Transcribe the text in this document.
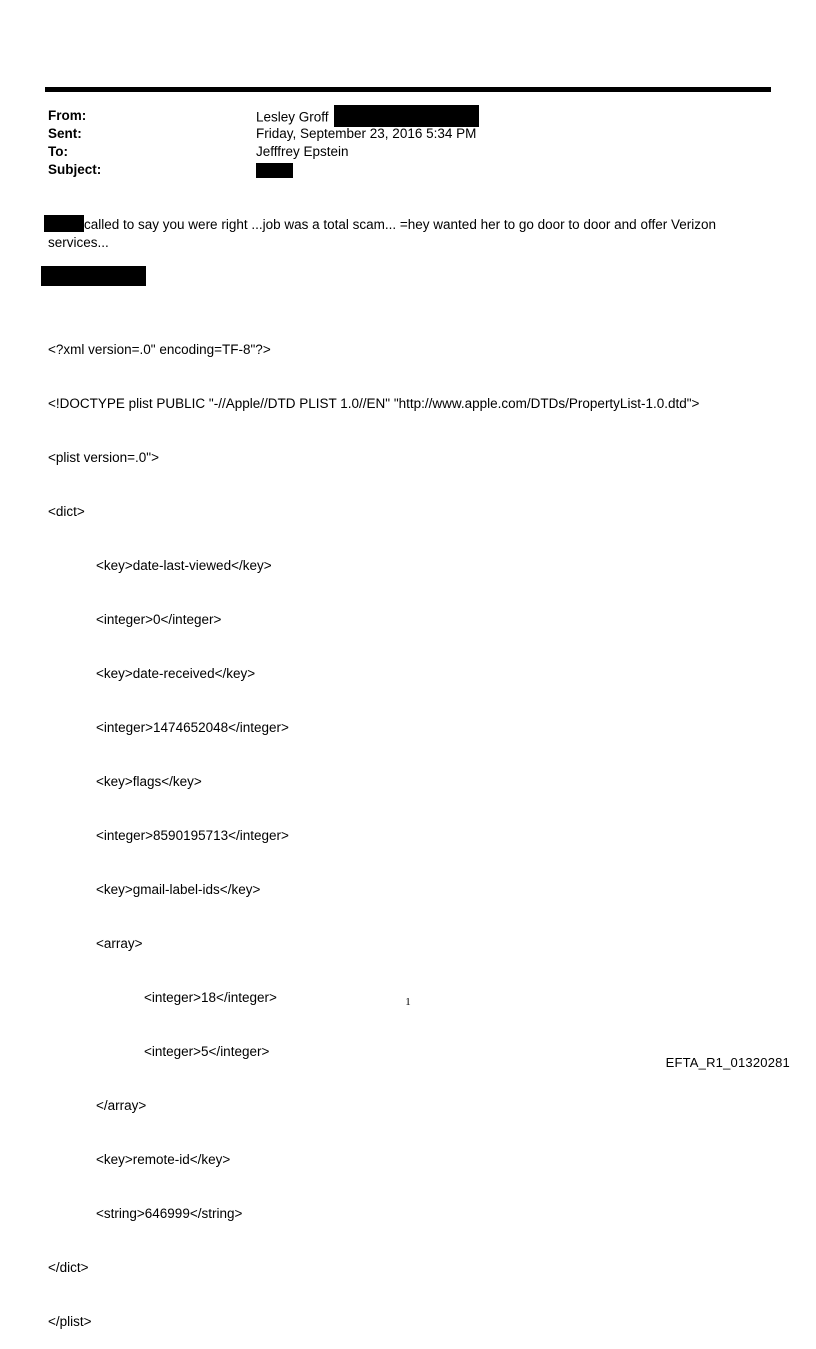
From:	Lesley Groff
Sent:	Friday, September 23, 2016 5:34 PM
To:	Jefffrey Epstein
Subject:
called to say you were right ...job was a total scam... =hey wanted her to go door to door and offer Verizon
services...

<?xml version=.0" encoding=TF-8"?>

<!DOCTYPE plist PUBLIC "-//Apple//DTD PLIST 1.0//EN" "http://www.apple.com/DTDs/PropertyList-1.0.dtd">

<plist version=.0">

<dict>

<key>date-last-viewed</key>

<integer>0</integer>

<key>date-received</key>

<integer>1474652048</integer>

<key>flags</key>

<integer>8590195713</integer>

<key>gmail-label-ids</key>

<array>

<integer>18</integer>

<integer>5</integer>

</array>

<key>remote-id</key>

<string>646999</string>

</dict>

</plist>

1
EFTA_R1_01320281
